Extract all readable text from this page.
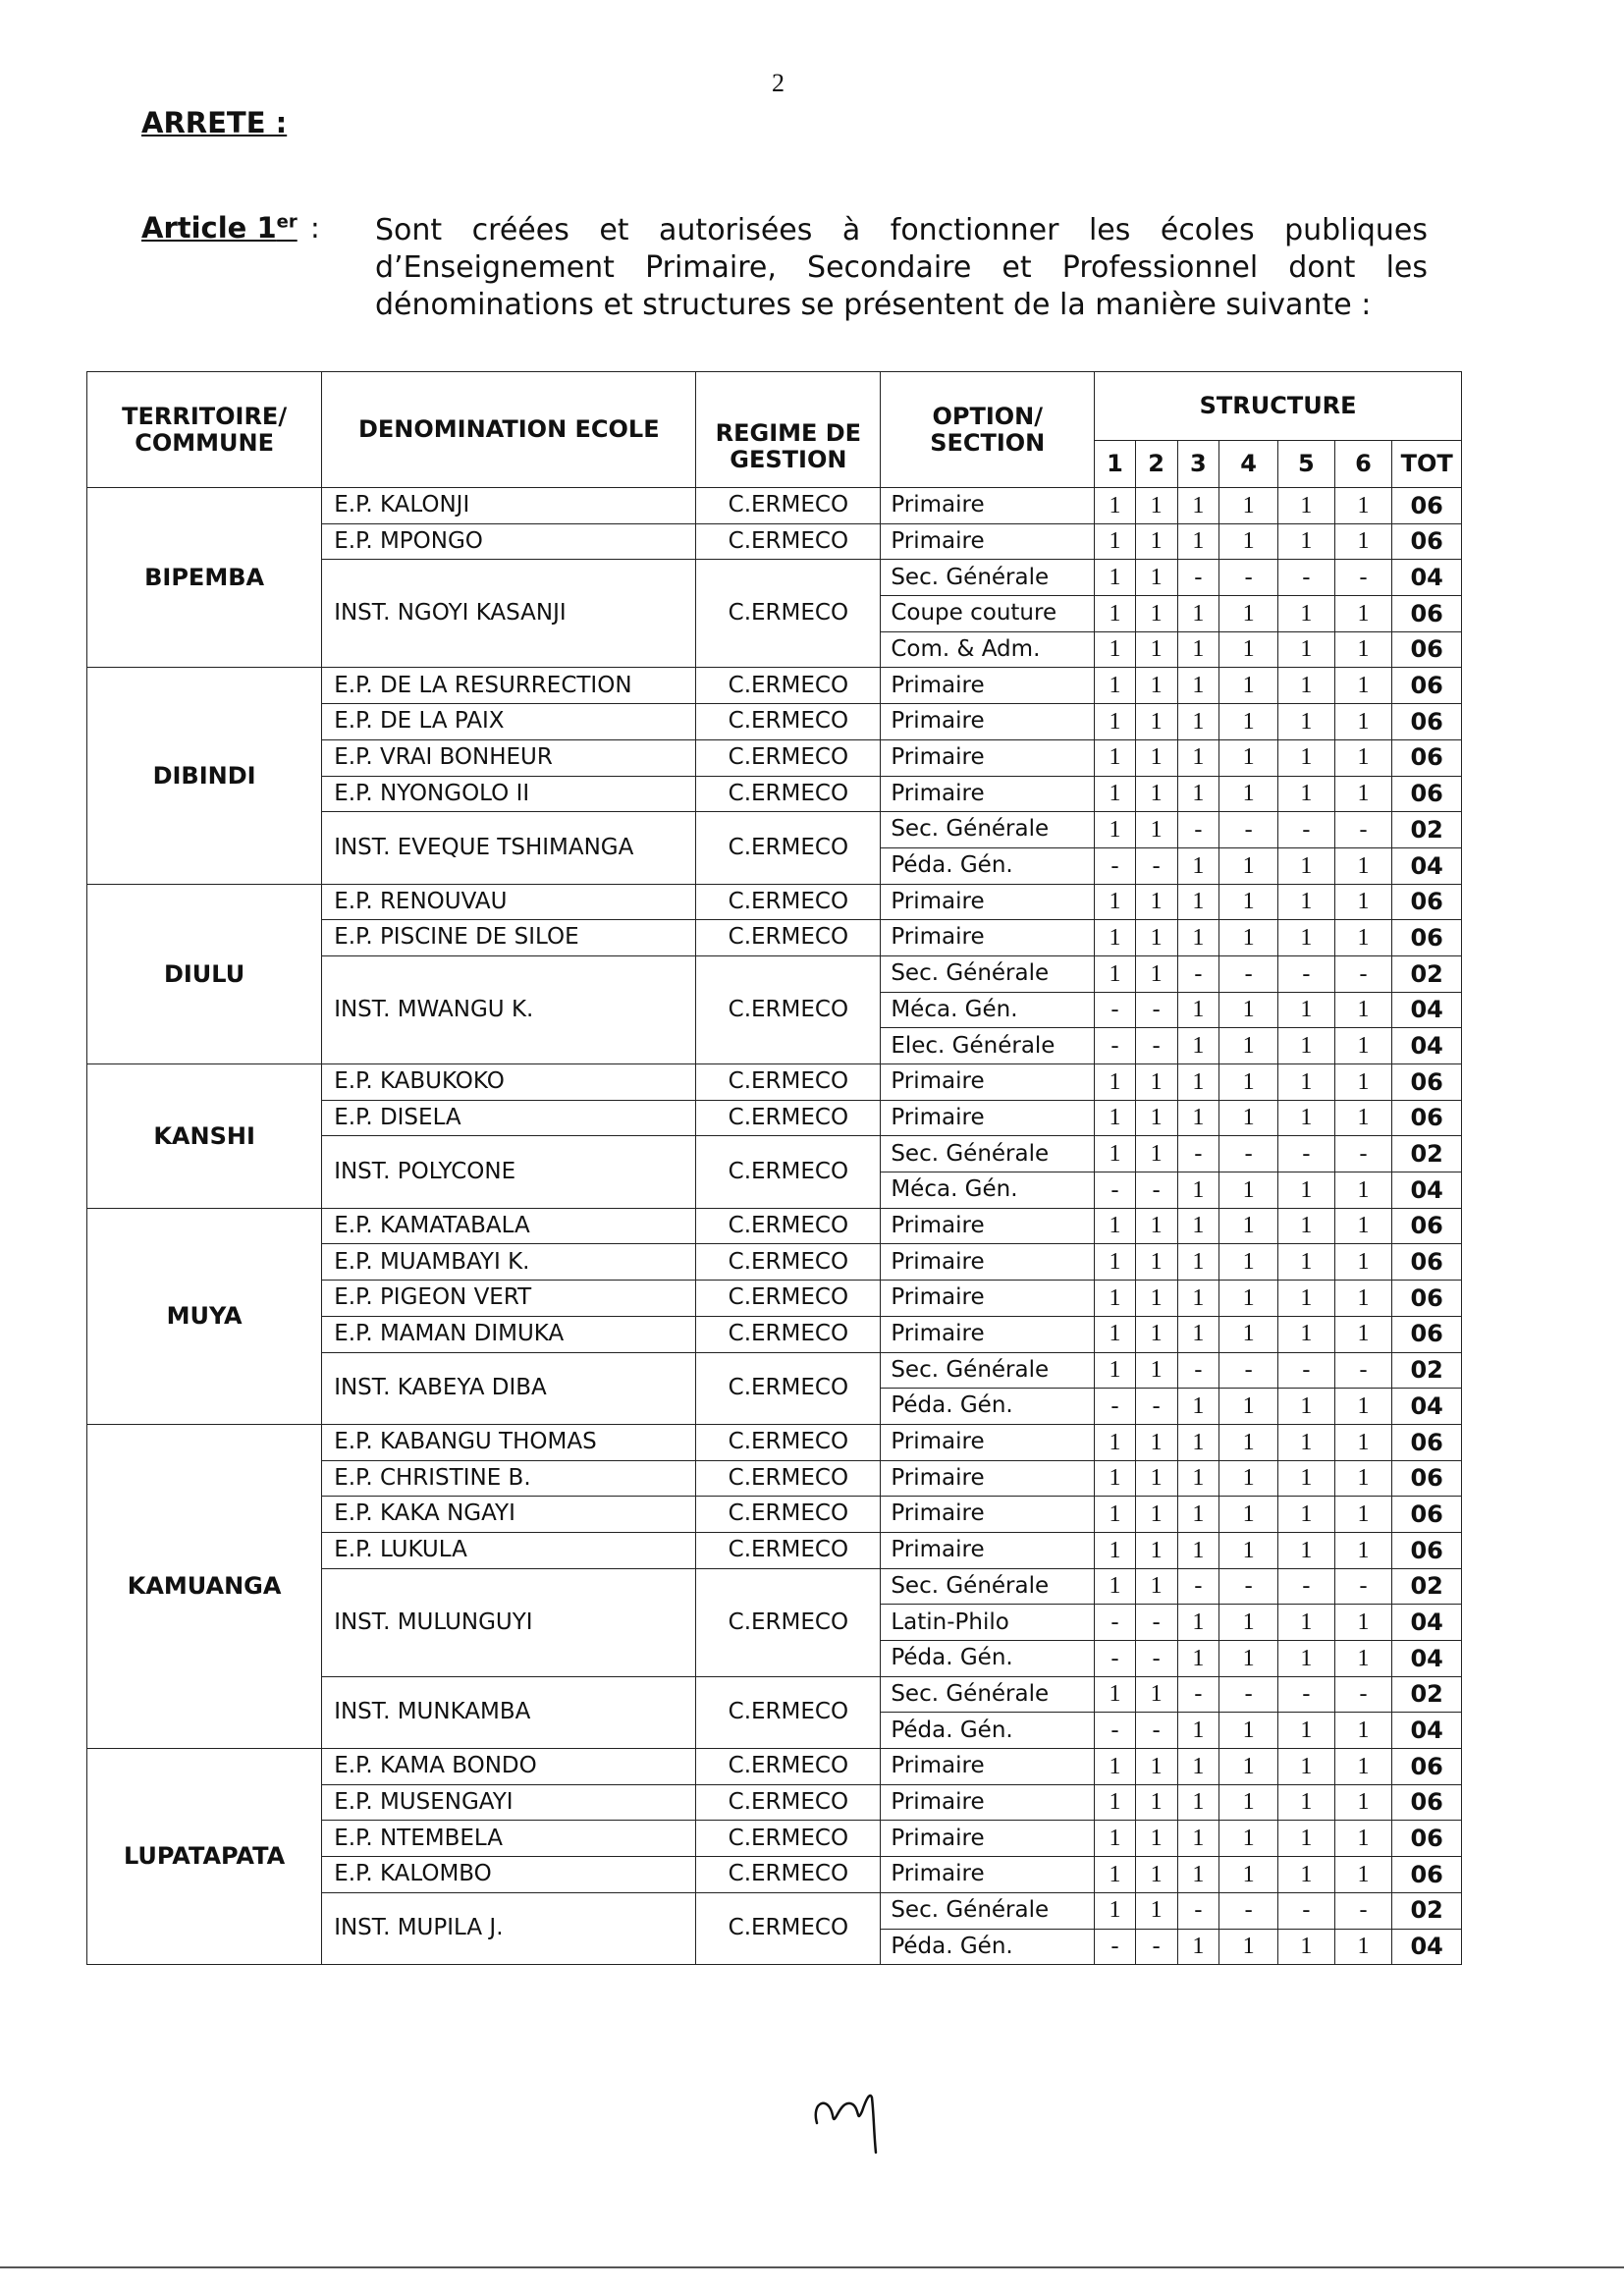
2
ARRETE :
Article 1er : Sont créées et autorisées à fonctionner les écoles publiques d’Enseignement Primaire, Secondaire et Professionnel dont les dénominations et structures se présentent de la manière suivante :
TERRITOIRE/ COMMUNE	DENOMINATION ECOLE	REGIME DE GESTION	OPTION/ SECTION	STRUCTURE						
				1	2	3	4	5	6	TOT
BIPEMBA	E.P. KALONJI	C.ERMECO	Primaire	1	1	1	1	1	1	06
	E.P. MPONGO	C.ERMECO	Primaire	1	1	1	1	1	1	06
	INST. NGOYI KASANJI	C.ERMECO	Sec. Générale	1	1	-	-	-	-	04
			Coupe couture	1	1	1	1	1	1	06
			Com. & Adm.	1	1	1	1	1	1	06
DIBINDI	E.P. DE LA RESURRECTION	C.ERMECO	Primaire	1	1	1	1	1	1	06
	E.P. DE LA PAIX	C.ERMECO	Primaire	1	1	1	1	1	1	06
	E.P. VRAI BONHEUR	C.ERMECO	Primaire	1	1	1	1	1	1	06
	E.P. NYONGOLO II	C.ERMECO	Primaire	1	1	1	1	1	1	06
	INST. EVEQUE TSHIMANGA	C.ERMECO	Sec. Générale	1	1	-	-	-	-	02
			Péda. Gén.	-	-	1	1	1	1	04
DIULU	E.P. RENOUVAU	C.ERMECO	Primaire	1	1	1	1	1	1	06
	E.P. PISCINE DE SILOE	C.ERMECO	Primaire	1	1	1	1	1	1	06
	INST. MWANGU K.	C.ERMECO	Sec. Générale	1	1	-	-	-	-	02
			Méca. Gén.	-	-	1	1	1	1	04
			Elec. Générale	-	-	1	1	1	1	04
KANSHI	E.P. KABUKOKO	C.ERMECO	Primaire	1	1	1	1	1	1	06
	E.P. DISELA	C.ERMECO	Primaire	1	1	1	1	1	1	06
	INST. POLYCONE	C.ERMECO	Sec. Générale	1	1	-	-	-	-	02
			Méca. Gén.	-	-	1	1	1	1	04
MUYA	E.P. KAMATABALA	C.ERMECO	Primaire	1	1	1	1	1	1	06
	E.P. MUAMBAYI K.	C.ERMECO	Primaire	1	1	1	1	1	1	06
	E.P. PIGEON VERT	C.ERMECO	Primaire	1	1	1	1	1	1	06
	E.P. MAMAN DIMUKA	C.ERMECO	Primaire	1	1	1	1	1	1	06
	INST. KABEYA DIBA	C.ERMECO	Sec. Générale	1	1	-	-	-	-	02
			Péda. Gén.	-	-	1	1	1	1	04
KAMUANGA	E.P. KABANGU THOMAS	C.ERMECO	Primaire	1	1	1	1	1	1	06
	E.P. CHRISTINE B.	C.ERMECO	Primaire	1	1	1	1	1	1	06
	E.P. KAKA NGAYI	C.ERMECO	Primaire	1	1	1	1	1	1	06
	E.P. LUKULA	C.ERMECO	Primaire	1	1	1	1	1	1	06
	INST. MULUNGUYI	C.ERMECO	Sec. Générale	1	1	-	-	-	-	02
			Latin-Philo	-	-	1	1	1	1	04
			Péda. Gén.	-	-	1	1	1	1	04
	INST. MUNKAMBA	C.ERMECO	Sec. Générale	1	1	-	-	-	-	02
			Péda. Gén.	-	-	1	1	1	1	04
LUPATAPATA	E.P. KAMA BONDO	C.ERMECO	Primaire	1	1	1	1	1	1	06
	E.P. MUSENGAYI	C.ERMECO	Primaire	1	1	1	1	1	1	06
	E.P. NTEMBELA	C.ERMECO	Primaire	1	1	1	1	1	1	06
	E.P. KALOMBO	C.ERMECO	Primaire	1	1	1	1	1	1	06
	INST. MUPILA J.	C.ERMECO	Sec. Générale	1	1	-	-	-	-	02
			Péda. Gén.	-	-	1	1	1	1	04
